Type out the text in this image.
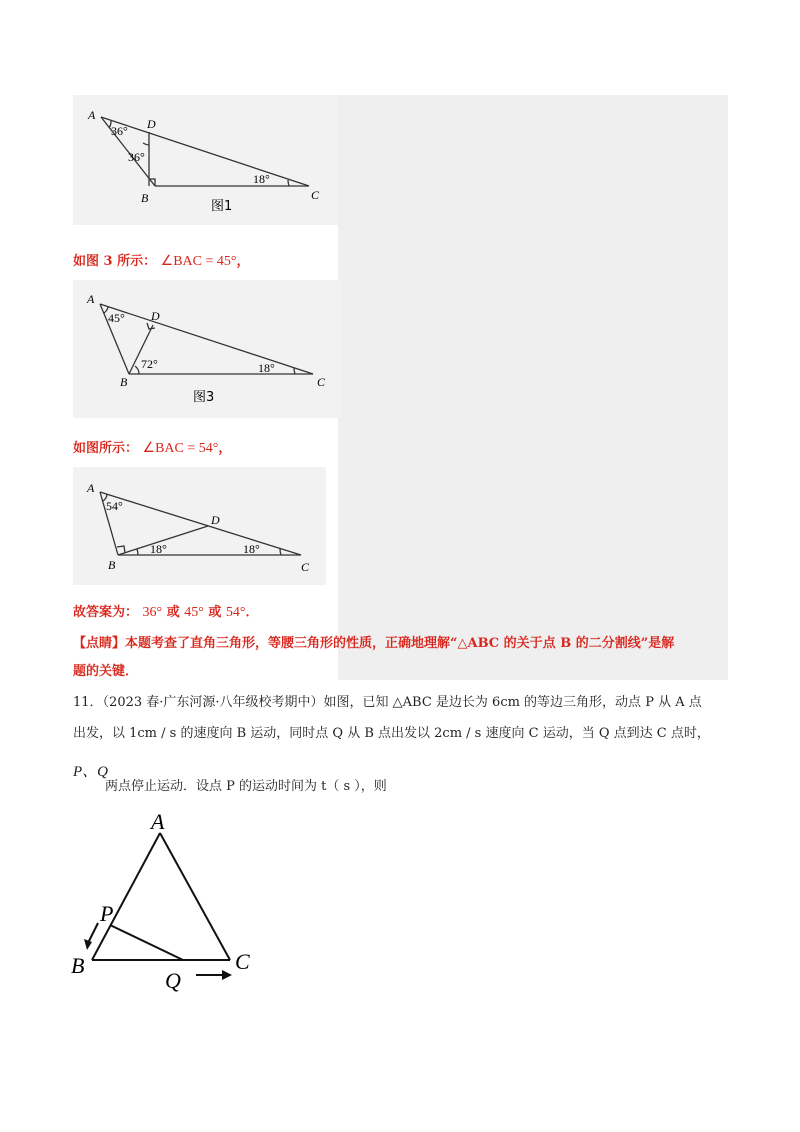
A
D
B	C
36°
36°
18°
图1
如图 3 所示： ∠BAC = 45°，
A
D
B	C
45°
72°	18°
图3
如图所示： ∠BAC = 54°，
A
D
B	C
54°
18°	18°
故答案为： 36° 或 45° 或 54°．
【点睛】本题考查了直角三角形，等腰三角形的性质，正确地理解“△ABC 的关于点 B 的二分割线”是解
题的关键．
11．（2023 春·广东河源·八年级校考期中）如图，已知 △ABC 是边长为 6cm 的等边三角形，动点 P 从 A 点
出发，以 1cm / s 的速度向 B 运动，同时点 Q 从 B 点出发以 2cm / s 速度向 C 运动，当 Q 点到达 C 点时，
P、Q
两点停止运动．设点 P 的运动时间为 t（ s ），则
A
P
B	C
Q
